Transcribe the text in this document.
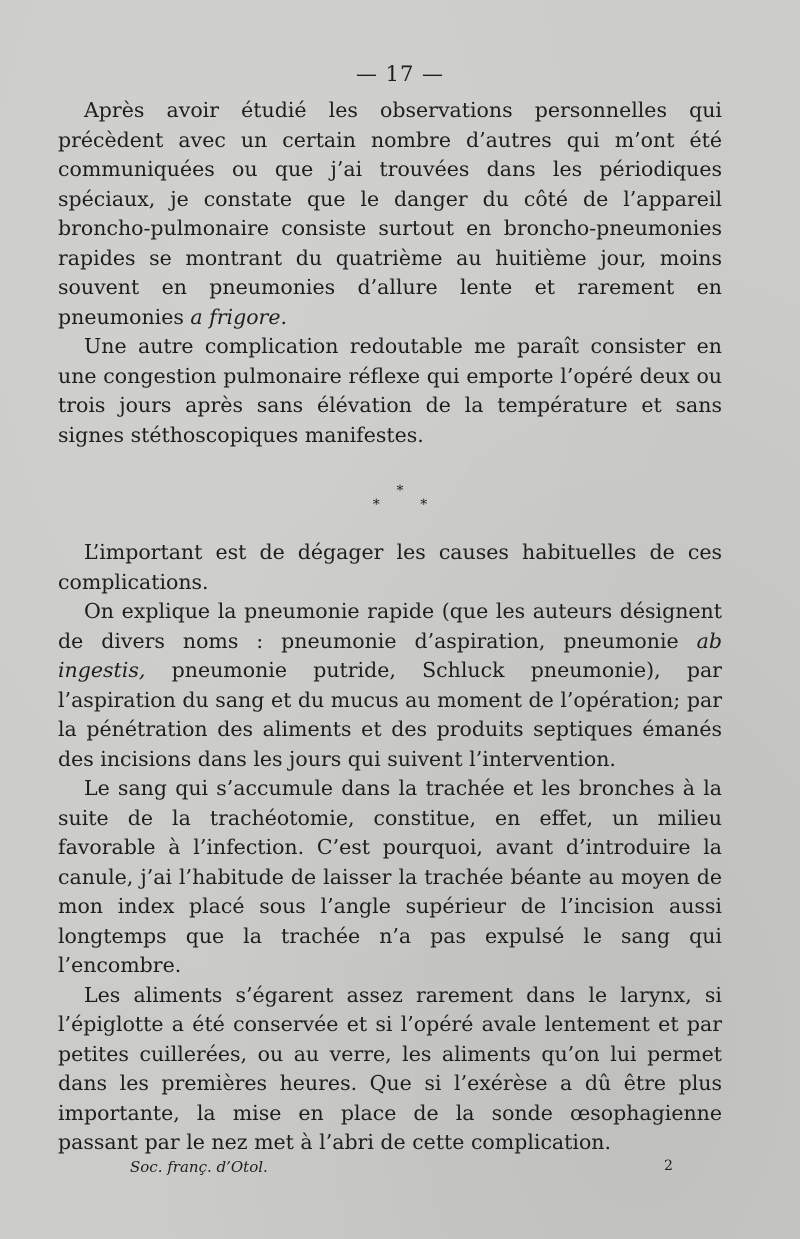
— 17 —

Après avoir étudié les observations personnelles qui précèdent avec un certain nombre d’autres qui m’ont été communiquées ou que j’ai trouvées dans les périodiques spéciaux, je constate que le danger du côté de l’appareil broncho-pulmonaire consiste surtout en broncho-pneumonies rapides se montrant du quatrième au huitième jour, moins souvent en pneumonies d’allure lente et rarement en pneumonies a frigore.

Une autre complication redoutable me paraît consister en une congestion pulmonaire réflexe qui emporte l’opéré deux ou trois jours après sans élévation de la température et sans signes stéthoscopiques manifestes.

*
* *

L’important est de dégager les causes habituelles de ces complications.

On explique la pneumonie rapide (que les auteurs désignent de divers noms : pneumonie d’aspiration, pneumonie ab ingestis, pneumonie putride, Schluck pneumonie), par l’aspiration du sang et du mucus au moment de l’opération; par la pénétration des aliments et des produits septiques émanés des incisions dans les jours qui suivent l’intervention.

Le sang qui s’accumule dans la trachée et les bronches à la suite de la trachéotomie, constitue, en effet, un milieu favorable à l’infection. C’est pourquoi, avant d’introduire la canule, j’ai l’habitude de laisser la trachée béante au moyen de mon index placé sous l’angle supérieur de l’incision aussi longtemps que la trachée n’a pas expulsé le sang qui l’encombre.

Les aliments s’égarent assez rarement dans le larynx, si l’épiglotte a été conservée et si l’opéré avale lentement et par petites cuillerées, ou au verre, les aliments qu’on lui permet dans les premières heures. Que si l’exérèse a dû être plus importante, la mise en place de la sonde œsophagienne passant par le nez met à l’abri de cette complication.

Soc. franç. d’Otol.	2
